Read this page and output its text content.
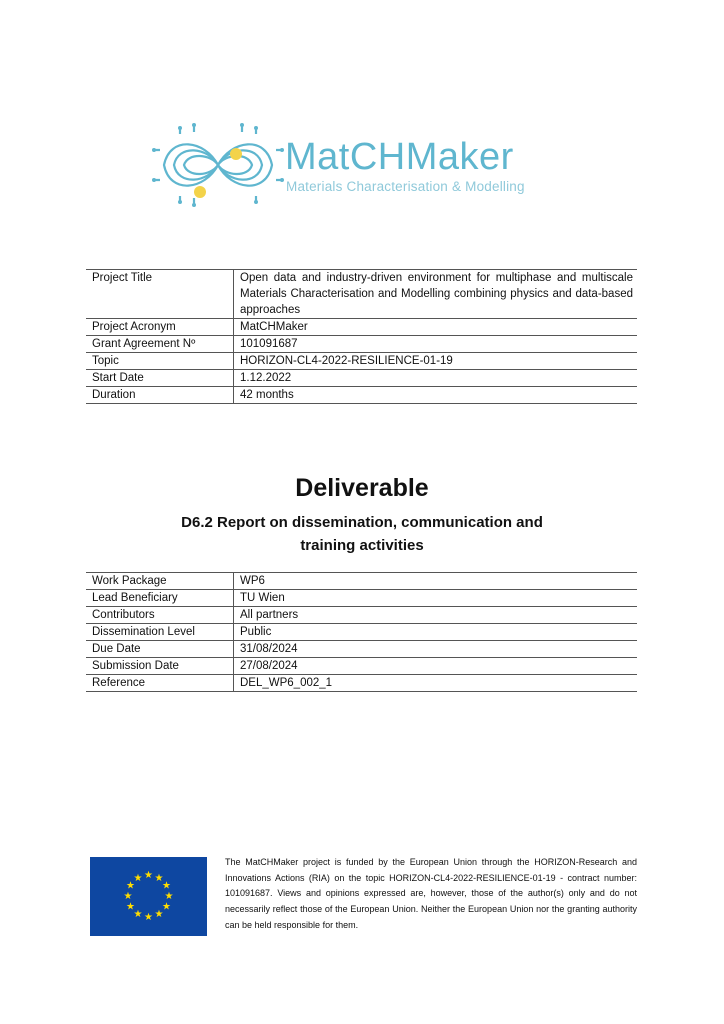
MatCHMaker
Materials Characterisation & Modelling
Project Title	Open data and industry-driven environment for multiphase and multiscale Materials Characterisation and Modelling combining physics and data-based approaches
Project Acronym	MatCHMaker
Grant Agreement Nº	101091687
Topic	HORIZON-CL4-2022-RESILIENCE-01-19
Start Date	1.12.2022
Duration	42 months
Deliverable
D6.2 Report on dissemination, communication and
training activities
Work Package	WP6
Lead Beneficiary	TU Wien
Contributors	All partners
Dissemination Level	Public
Due Date	31/08/2024
Submission Date	27/08/2024
Reference	DEL_WP6_002_1
★ ★
★
★
★
★
★
★
★
★
★
★
The MatCHMaker project is funded by the European Union through the HORIZON-Research and Innovations Actions (RIA) on the topic HORIZON-CL4-2022-RESILIENCE-01-19 - contract number: 101091687. Views and opinions expressed are, however, those of the author(s) only and do not necessarily reflect those of the European Union. Neither the European Union nor the granting authority can be held responsible for them.
